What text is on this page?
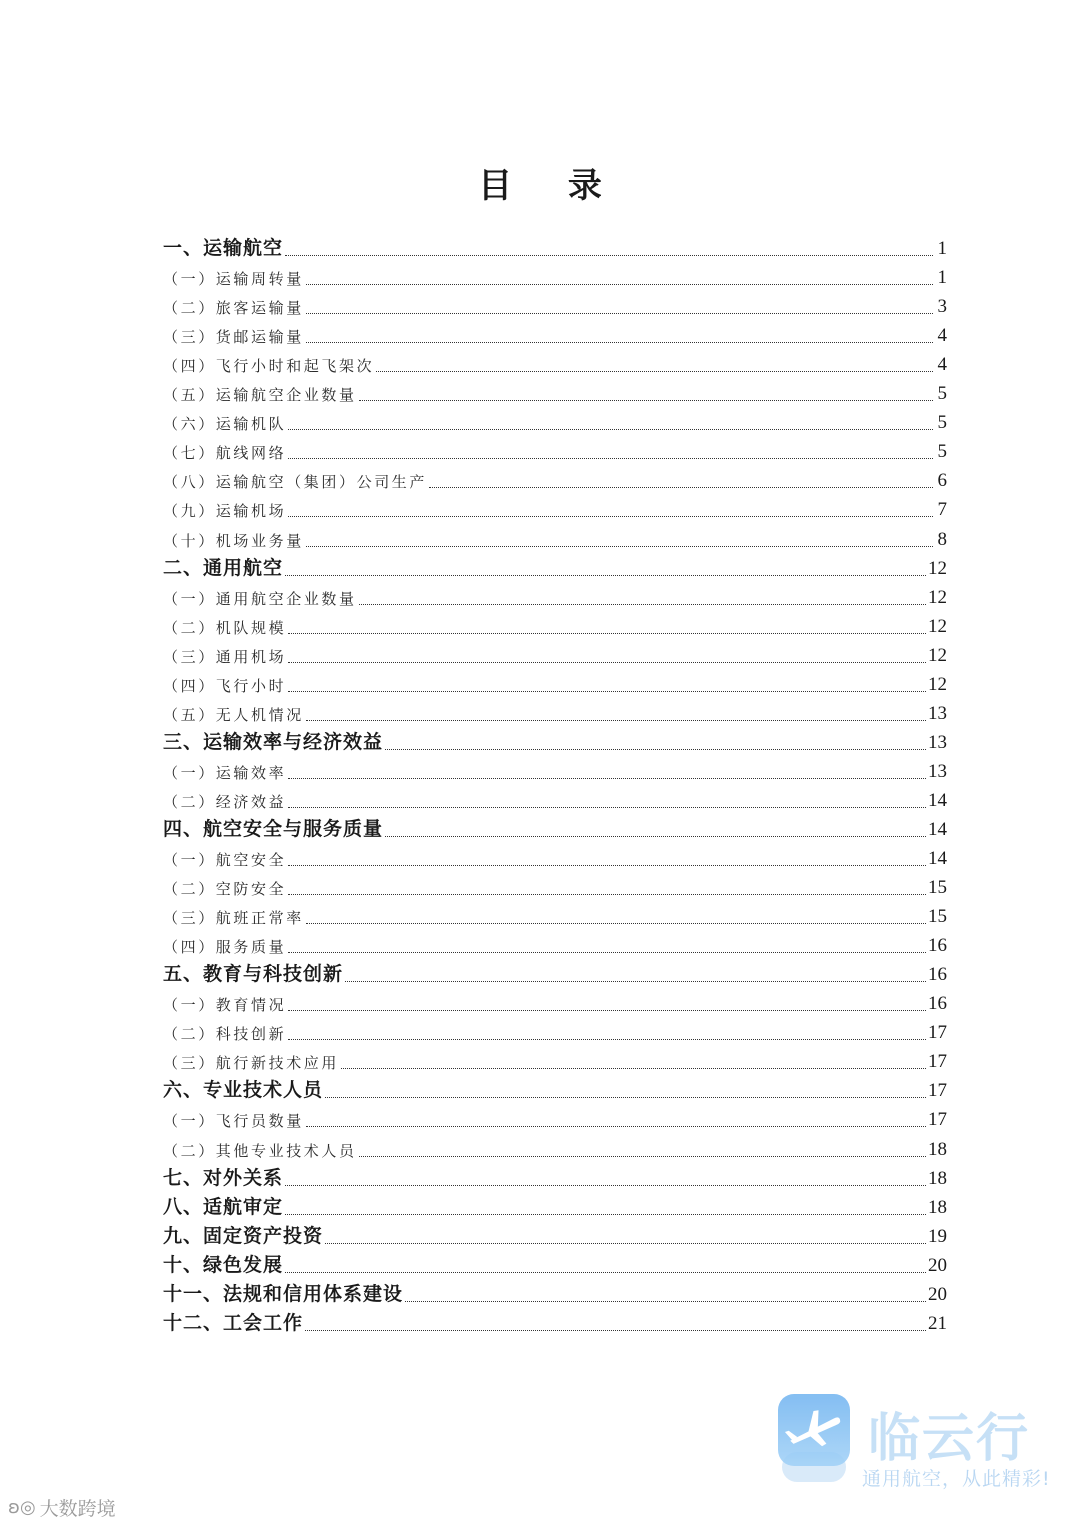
目 录
一、运输航空	1
（一）运输周转量	1
（二）旅客运输量	3
（三）货邮运输量	4
（四）飞行小时和起飞架次	4
（五）运输航空企业数量	5
（六）运输机队	5
（七）航线网络	5
（八）运输航空（集团）公司生产	6
（九）运输机场	7
（十）机场业务量	8
二、通用航空	12
（一）通用航空企业数量	12
（二）机队规模	12
（三）通用机场	12
（四）飞行小时	12
（五）无人机情况	13
三、运输效率与经济效益	13
（一）运输效率	13
（二）经济效益	14
四、航空安全与服务质量	14
（一）航空安全	14
（二）空防安全	15
（三）航班正常率	15
（四）服务质量	16
五、教育与科技创新	16
（一）教育情况	16
（二）科技创新	17
（三）航行新技术应用	17
六、专业技术人员	17
（一）飞行员数量	17
（二）其他专业技术人员	18
七、对外关系	18
八、适航审定	18
九、固定资产投资	19
十、绿色发展	20
十一、法规和信用体系建设	20
十二、工会工作	21
临云行
通用航空，从此精彩!
ʚ◎ 大数跨境
